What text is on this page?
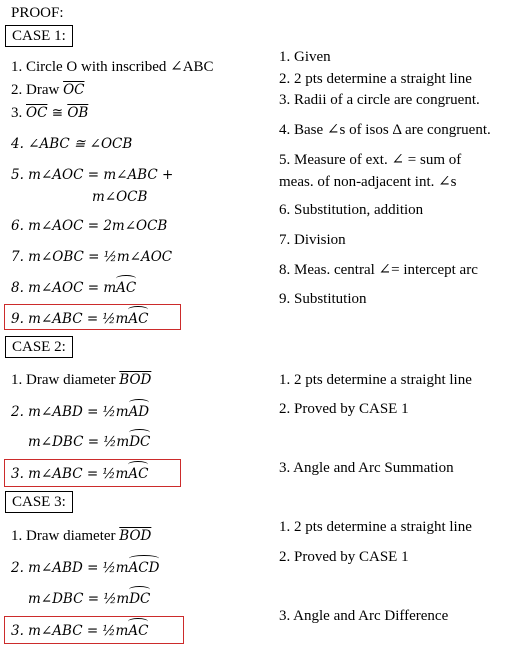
PROOF:
CASE 1:
1. Circle O with inscribed ∠ABC
2. Draw $\overline{OC}$
3. $\overline{OC}$ ≅ $\overline{OB}$
4. ∠ABC ≅ ∠OCB
5. m∠AOC = m∠ABC +
m∠OCB
6. m∠AOC = 2m∠OCB
7. m∠OBC = ½m∠AOC
8. m∠AOC = mAC
9. m∠ABC = ½mAC
1. Given
2. 2 pts determine a straight line
3. Radii of a circle are congruent.
4. Base ∠s of isos Δ are congruent.
5. Measure of ext. ∠ = sum of
meas. of non-adjacent int. ∠s
6. Substitution, addition
7. Division
8. Meas. central ∠= intercept arc
9. Substitution
CASE 2:
1. Draw diameter $\overline{BOD}$
2. m∠ABD = ½mAD
m∠DBC = ½mDC
3. m∠ABC = ½mAC
1. 2 pts determine a straight line
2. Proved by CASE 1
3. Angle and Arc Summation
CASE 3:
1. Draw diameter $\overline{BOD}$
2. m∠ABD = ½mACD
m∠DBC = ½mDC
3. m∠ABC = ½mAC
1. 2 pts determine a straight line
2. Proved by CASE 1
3. Angle and Arc Difference
